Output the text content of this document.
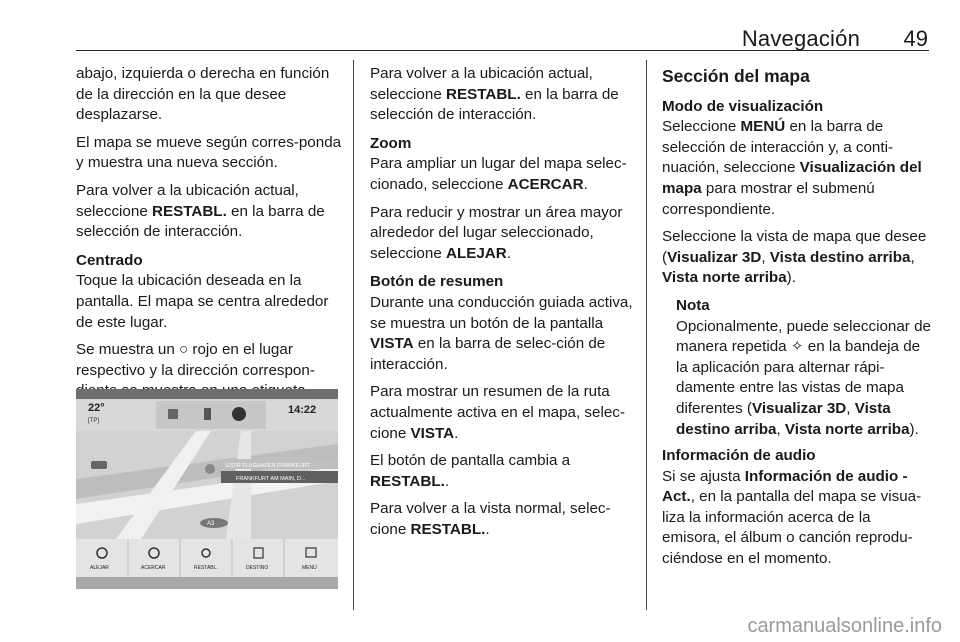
Navegación	49

abajo, izquierda o derecha en función de la dirección en la que desee desplazarse.

El mapa se mueve según corres-ponda y muestra una nueva sección.

Para volver a la ubicación actual, seleccione RESTABL. en la barra de selección de interacción.

Centrado

Toque la ubicación deseada en la pantalla. El mapa se centra alrededor de este lugar.

Se muestra un ○ rojo en el lugar respectivo y la dirección correspon-

22°
[TP]
14:22
ESTR FLUGHAFEN FRANKFURT
FRANKFURT AM MAIN, D...
A3
ALEJAR	ACERCAR	RESTABL.	DESTINO	MENÚ

Para volver a la ubicación actual, seleccione RESTABL. en la barra de selección de interacción.

Zoom

Para ampliar un lugar del mapa selec-cionado, seleccione ACERCAR.

Para reducir y mostrar un área mayor alrededor del lugar seleccionado, seleccione ALEJAR.

Botón de resumen

Durante una conducción guiada activa, se muestra un botón de la pantalla VISTA en la barra de selec-ción de interacción.

Para mostrar un resumen de la ruta actualmente activa en el mapa, selec-cione VISTA.

El botón de pantalla cambia a RESTABL..

Para volver a la vista normal, selec-cione RESTABL..

Sección del mapa
Modo de visualización

Seleccione MENÚ en la barra de selección de interacción y, a conti-nuación, seleccione Visualización del mapa para mostrar el submenú correspondiente.

Seleccione la vista de mapa que desee (Visualizar 3D, Vista destino arriba, Vista norte arriba).

Nota

Opcionalmente, puede seleccionar de manera repetida ✧ en la bandeja de la aplicación para alternar rápi-damente entre las vistas de mapa diferentes (Visualizar 3D, Vista destino arriba, Vista norte arriba).

Información de audio

Si se ajusta Información de audio - Act., en la pantalla del mapa se visua-liza la información acerca de la emisora, el álbum o canción reprodu-ciéndose en el momento.

carmanualsonline.info
